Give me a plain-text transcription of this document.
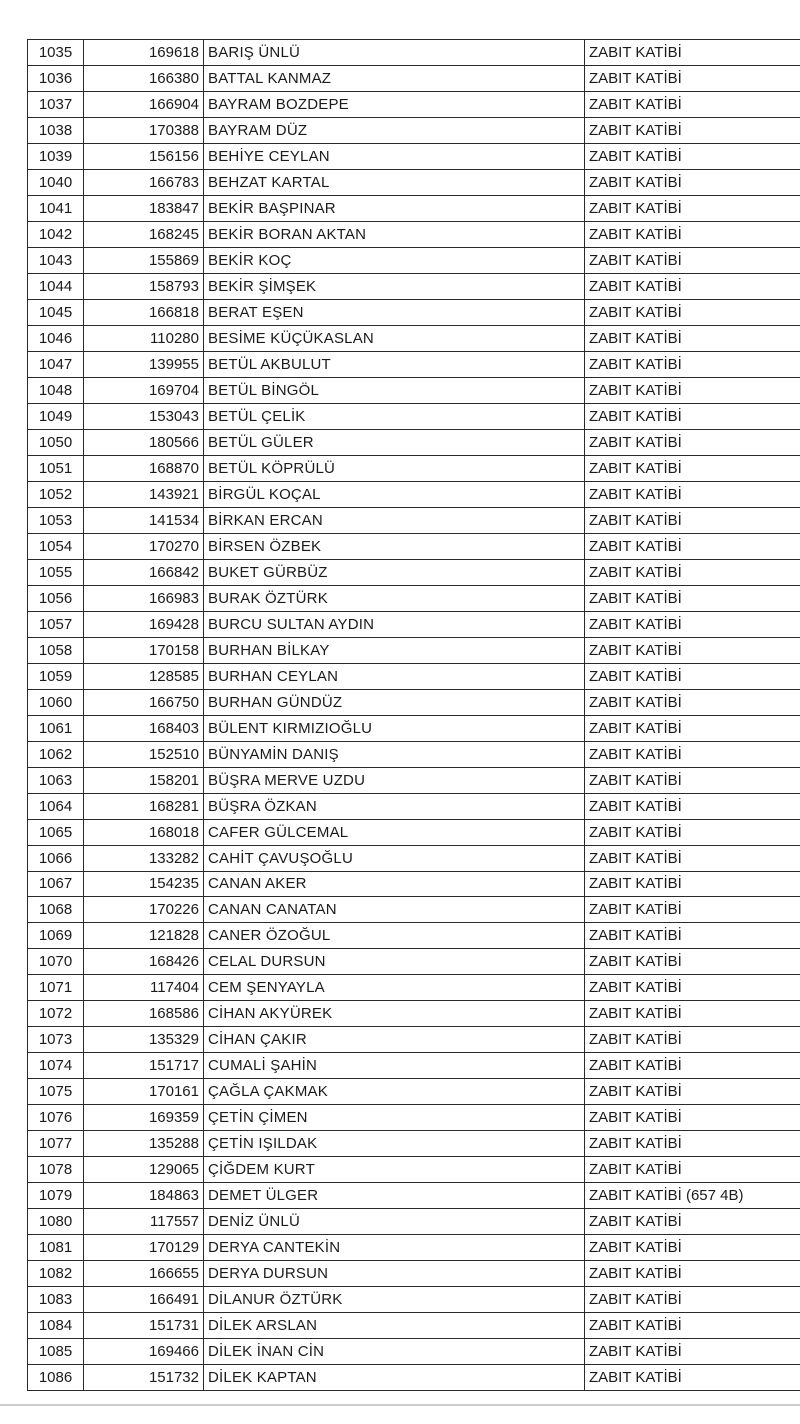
1035	169618	BARIŞ ÜNLÜ	ZABIT KATİBİ
1036	166380	BATTAL KANMAZ	ZABIT KATİBİ
1037	166904	BAYRAM BOZDEPE	ZABIT KATİBİ
1038	170388	BAYRAM DÜZ	ZABIT KATİBİ
1039	156156	BEHİYE CEYLAN	ZABIT KATİBİ
1040	166783	BEHZAT KARTAL	ZABIT KATİBİ
1041	183847	BEKİR BAŞPINAR	ZABIT KATİBİ
1042	168245	BEKİR BORAN AKTAN	ZABIT KATİBİ
1043	155869	BEKİR KOÇ	ZABIT KATİBİ
1044	158793	BEKİR ŞİMŞEK	ZABIT KATİBİ
1045	166818	BERAT EŞEN	ZABIT KATİBİ
1046	110280	BESİME KÜÇÜKASLAN	ZABIT KATİBİ
1047	139955	BETÜL AKBULUT	ZABIT KATİBİ
1048	169704	BETÜL BİNGÖL	ZABIT KATİBİ
1049	153043	BETÜL ÇELİK	ZABIT KATİBİ
1050	180566	BETÜL GÜLER	ZABIT KATİBİ
1051	168870	BETÜL KÖPRÜLÜ	ZABIT KATİBİ
1052	143921	BİRGÜL KOÇAL	ZABIT KATİBİ
1053	141534	BİRKAN ERCAN	ZABIT KATİBİ
1054	170270	BİRSEN ÖZBEK	ZABIT KATİBİ
1055	166842	BUKET GÜRBÜZ	ZABIT KATİBİ
1056	166983	BURAK ÖZTÜRK	ZABIT KATİBİ
1057	169428	BURCU SULTAN AYDIN	ZABIT KATİBİ
1058	170158	BURHAN BİLKAY	ZABIT KATİBİ
1059	128585	BURHAN CEYLAN	ZABIT KATİBİ
1060	166750	BURHAN GÜNDÜZ	ZABIT KATİBİ
1061	168403	BÜLENT KIRMIZIOĞLU	ZABIT KATİBİ
1062	152510	BÜNYAMİN DANIŞ	ZABIT KATİBİ
1063	158201	BÜŞRA MERVE UZDU	ZABIT KATİBİ
1064	168281	BÜŞRA ÖZKAN	ZABIT KATİBİ
1065	168018	CAFER GÜLCEMAL	ZABIT KATİBİ
1066	133282	CAHİT ÇAVUŞOĞLU	ZABIT KATİBİ
1067	154235	CANAN AKER	ZABIT KATİBİ
1068	170226	CANAN CANATAN	ZABIT KATİBİ
1069	121828	CANER ÖZOĞUL	ZABIT KATİBİ
1070	168426	CELAL DURSUN	ZABIT KATİBİ
1071	117404	CEM ŞENYAYLA	ZABIT KATİBİ
1072	168586	CİHAN AKYÜREK	ZABIT KATİBİ
1073	135329	CİHAN ÇAKIR	ZABIT KATİBİ
1074	151717	CUMALİ ŞAHİN	ZABIT KATİBİ
1075	170161	ÇAĞLA ÇAKMAK	ZABIT KATİBİ
1076	169359	ÇETİN ÇİMEN	ZABIT KATİBİ
1077	135288	ÇETİN IŞILDAK	ZABIT KATİBİ
1078	129065	ÇİĞDEM KURT	ZABIT KATİBİ
1079	184863	DEMET ÜLGER	ZABIT KATİBİ (657 4B)
1080	117557	DENİZ ÜNLÜ	ZABIT KATİBİ
1081	170129	DERYA CANTEKİN	ZABIT KATİBİ
1082	166655	DERYA DURSUN	ZABIT KATİBİ
1083	166491	DİLANUR ÖZTÜRK	ZABIT KATİBİ
1084	151731	DİLEK ARSLAN	ZABIT KATİBİ
1085	169466	DİLEK İNAN CİN	ZABIT KATİBİ
1086	151732	DİLEK KAPTAN	ZABIT KATİBİ
